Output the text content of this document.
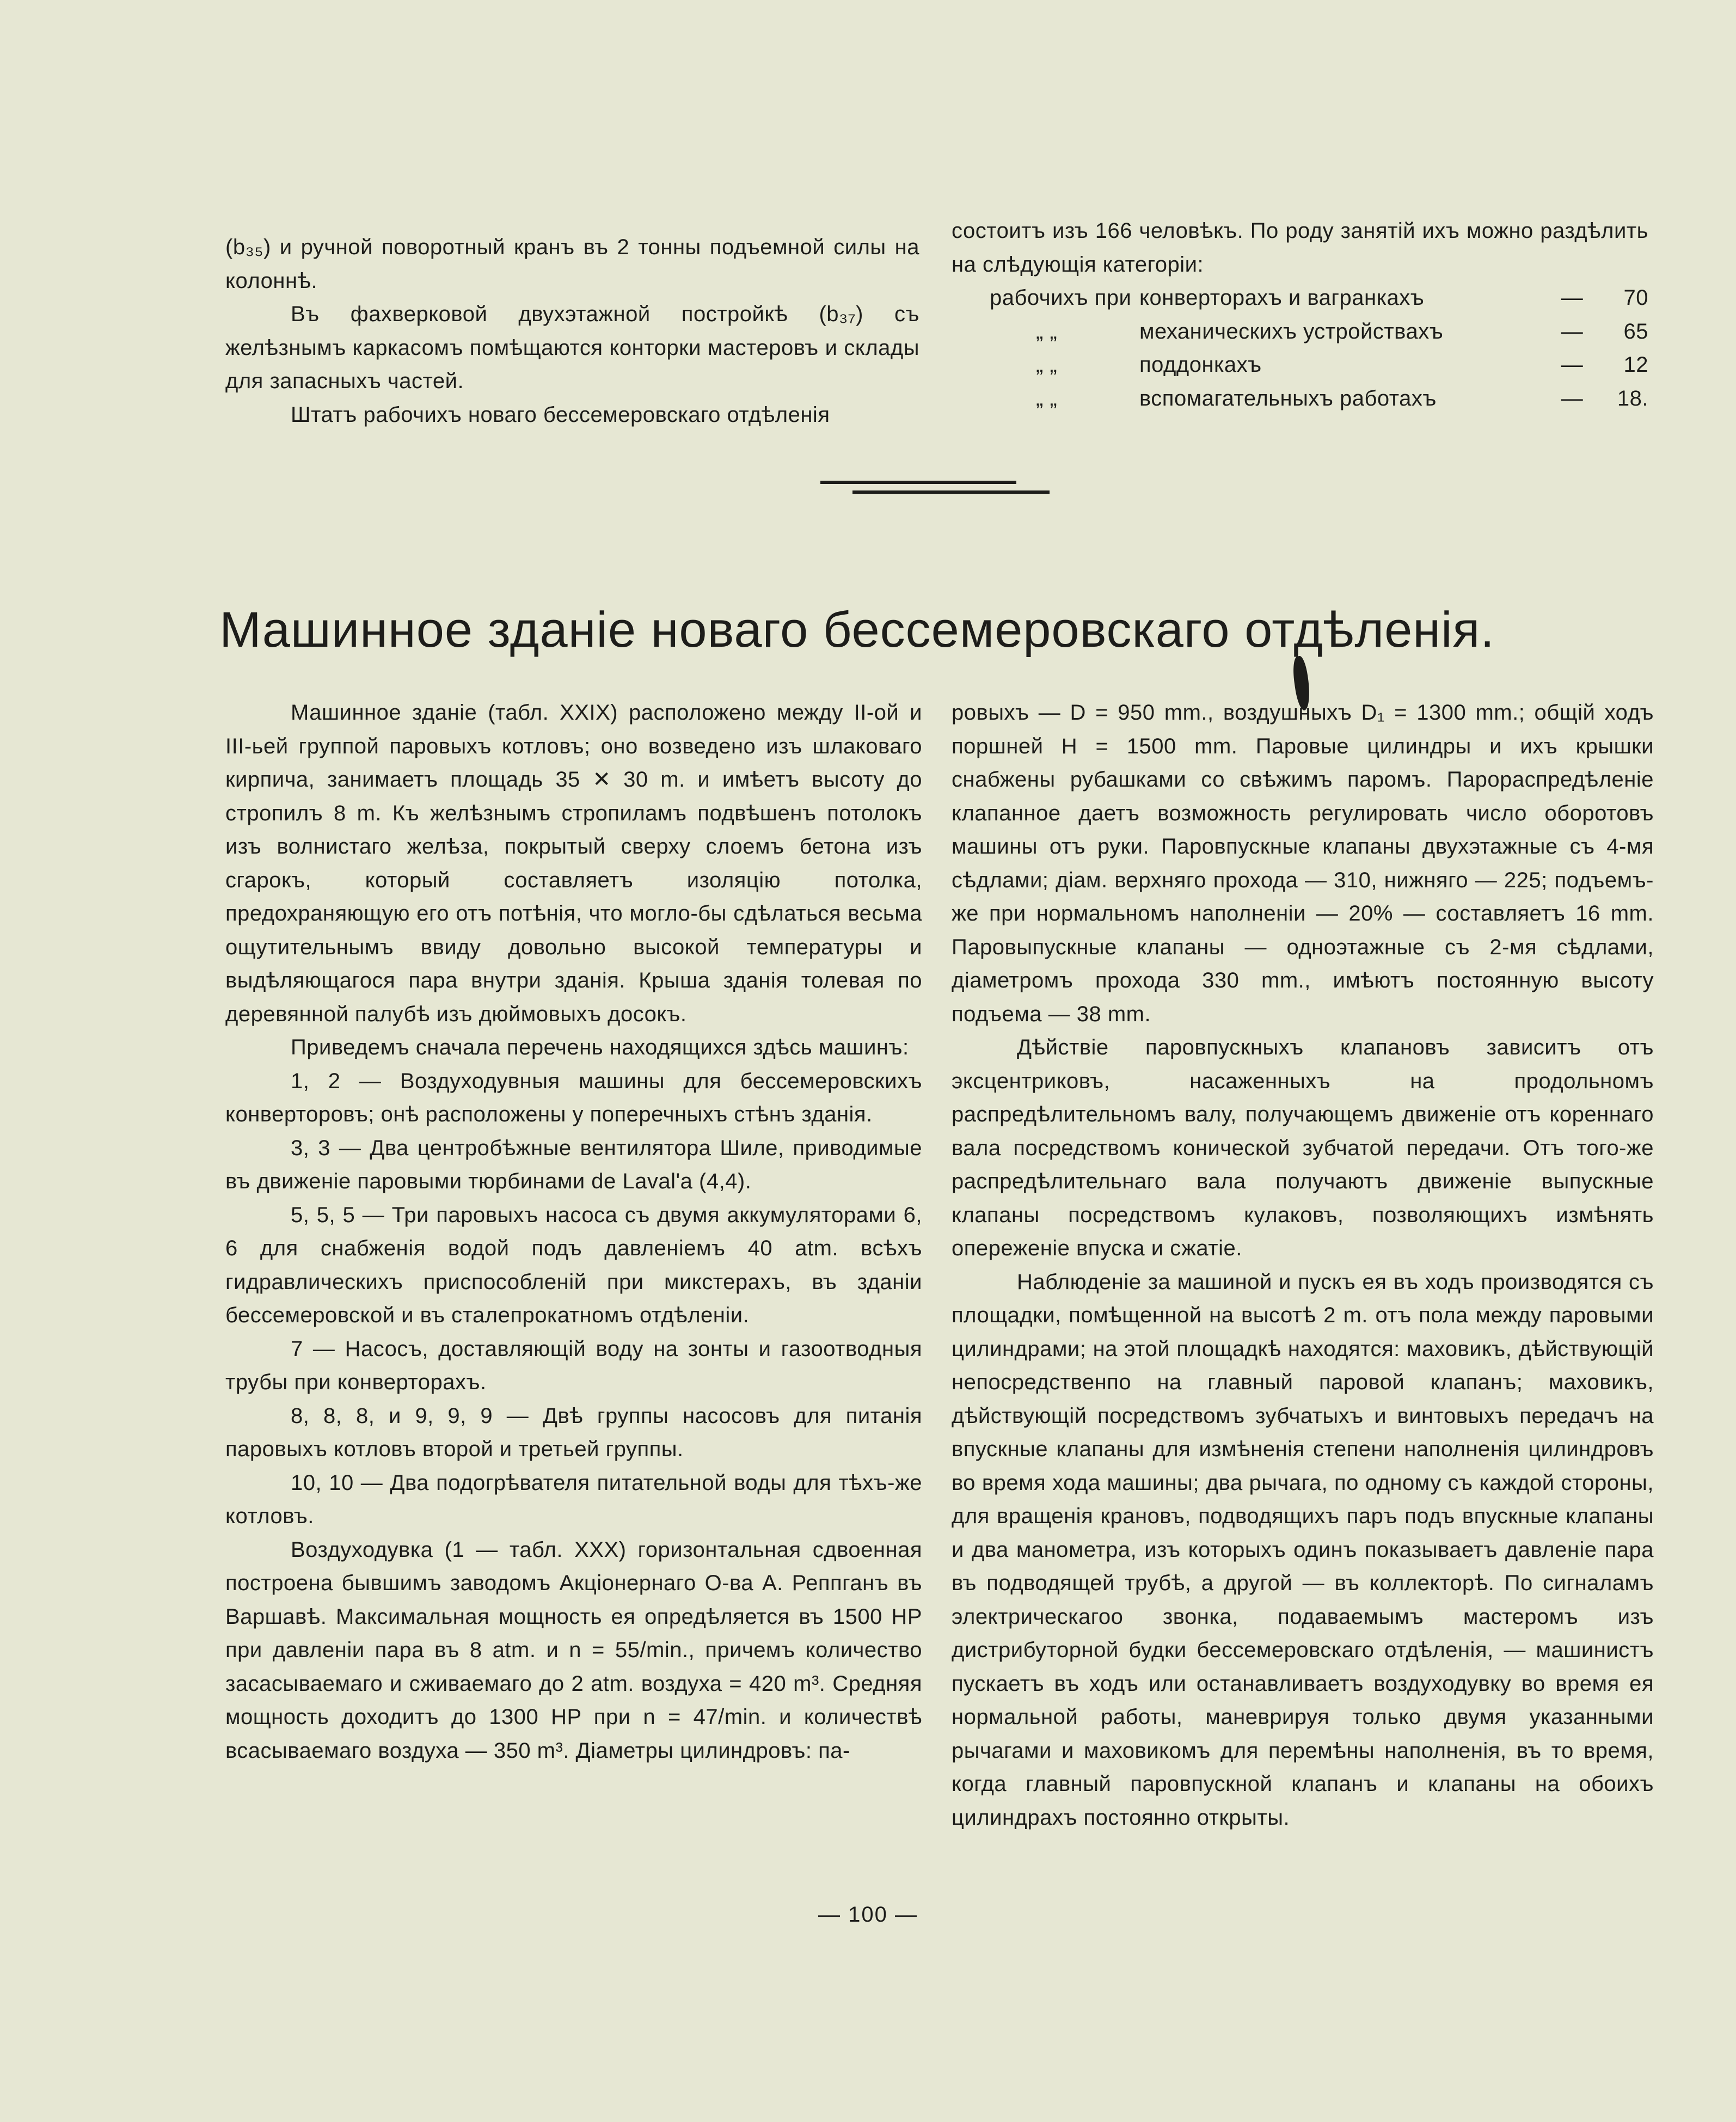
(b₃₅) и ручной поворотный кранъ въ 2 тонны подъемной силы на колоннѣ.

Въ фахверковой двухэтажной постройкѣ (b₃₇) съ желѣзнымъ каркасомъ помѣщаются конторки мастеровъ и склады для запасныхъ частей.

Штатъ рабочихъ новаго бессемеровскаго отдѣленія

состоитъ изъ 166 человѣкъ. По роду занятій ихъ можно раздѣлить на слѣдующія категоріи:

рабочихъ при конверторахъ и вагранкахъ	—	70
„ „	механическихъ устройствахъ	—	65
„ „	поддонкахъ	—	12
„ „	вспомагательныхъ работахъ	—	18.
Машинное зданіе новаго бессемеровскаго отдѣленія.

Машинное зданіе (табл. XXIX) расположено между II-ой и III-ьей группой паровыхъ котловъ; оно возведено изъ шлаковаго кирпича, занимаетъ площадь 35 ✕ 30 m. и имѣетъ высоту до стропилъ 8 m. Къ желѣзнымъ стропиламъ подвѣшенъ потолокъ изъ волнистаго желѣза, покрытый сверху слоемъ бетона изъ сгарокъ, который составляетъ изоляцію потолка, предохраняющую его отъ потѣнія, что могло-бы сдѣлаться весьма ощутительнымъ ввиду довольно высокой температуры и выдѣляющагося пара внутри зданія. Крыша зданія толевая по деревянной палубѣ изъ дюймовыхъ досокъ.

Приведемъ сначала перечень находящихся здѣсь машинъ:

1, 2 — Воздуходувныя машины для бессемеровскихъ конверторовъ; онѣ расположены у поперечныхъ стѣнъ зданія.

3, 3 — Два центробѣжные вентилятора Шиле, приводимые въ движеніе паровыми тюрбинами de Laval'а (4,4).

5, 5, 5 — Три паровыхъ насоса съ двумя аккумуляторами 6, 6 для снабженія водой подъ давленіемъ 40 atm. всѣхъ гидравлическихъ приспособленій при микстерахъ, въ зданіи бессемеровской и въ сталепрокатномъ отдѣленіи.

7 — Насосъ, доставляющій воду на зонты и газоотводныя трубы при конверторахъ.

8, 8, 8, и 9, 9, 9 — Двѣ группы насосовъ для питанія паровыхъ котловъ второй и третьей группы.

10, 10 — Два подогрѣвателя питательной воды для тѣхъ-же котловъ.

Воздуходувка (1 — табл. XXX) горизонтальная сдвоенная построена бывшимъ заводомъ Акціонернаго О-ва А. Реппганъ въ Варшавѣ. Максимальная мощность ея опредѣляется въ 1500 HP при давленіи пара въ 8 atm. и n = 55/min., причемъ количество засасываемаго и сживаемаго до 2 atm. воздуха = 420 m³. Средняя мощность доходитъ до 1300 HP при n = 47/min. и количествѣ всасываемаго воздуха — 350 m³. Діаметры цилиндровъ: па-

ровыхъ — D = 950 mm., воздушныхъ D₁ = 1300 mm.; общій ходъ поршней H = 1500 mm. Паровые цилиндры и ихъ крышки снабжены рубашками со свѣжимъ паромъ. Парораспредѣленіе клапанное даетъ возможность регулировать число оборотовъ машины отъ руки. Паровпускные клапаны двухэтажные съ 4-мя сѣдлами; діам. верхняго прохода — 310, нижняго — 225; подъемъ-же при нормальномъ наполненіи — 20% — составляетъ 16 mm. Паровыпускные клапаны — одноэтажные съ 2-мя сѣдлами, діаметромъ прохода 330 mm., имѣютъ постоянную высоту подъема — 38 mm.

Дѣйствіе паровпускныхъ клапановъ зависитъ отъ эксцентриковъ, насаженныхъ на продольномъ распредѣлительномъ валу, получающемъ движеніе отъ кореннаго вала посредствомъ конической зубчатой передачи. Отъ того-же распредѣлительнаго вала получаютъ движеніе выпускные клапаны посредствомъ кулаковъ, позволяющихъ измѣнять опереженіе впуска и сжатіе.

Наблюденіе за машиной и пускъ ея въ ходъ производятся съ площадки, помѣщенной на высотѣ 2 m. отъ пола между паровыми цилиндрами; на этой площадкѣ находятся: маховикъ, дѣйствующій непосредственпо на главный паровой клапанъ; маховикъ, дѣйствующій посредствомъ зубчатыхъ и винтовыхъ передачъ на впускные клапаны для измѣненія степени наполненія цилиндровъ во время хода машины; два рычага, по одному съ каждой стороны, для вращенія крановъ, подводящихъ паръ подъ впускные клапаны и два манометра, изъ которыхъ одинъ показываетъ давленіе пара въ подводящей трубѣ, а другой — въ коллекторѣ. По сигналамъ электрическагоо звонка, подаваемымъ мастеромъ изъ дистрибуторной будки бессемеровскаго отдѣленія, — машинистъ пускаетъ въ ходъ или останавливаетъ воздуходувку во время ея нормальной работы, маневрируя только двумя указанными рычагами и маховикомъ для перемѣны наполненія, въ то время, когда главный паровпускной клапанъ и клапаны на обоихъ цилиндрахъ постоянно открыты.

— 100 —
